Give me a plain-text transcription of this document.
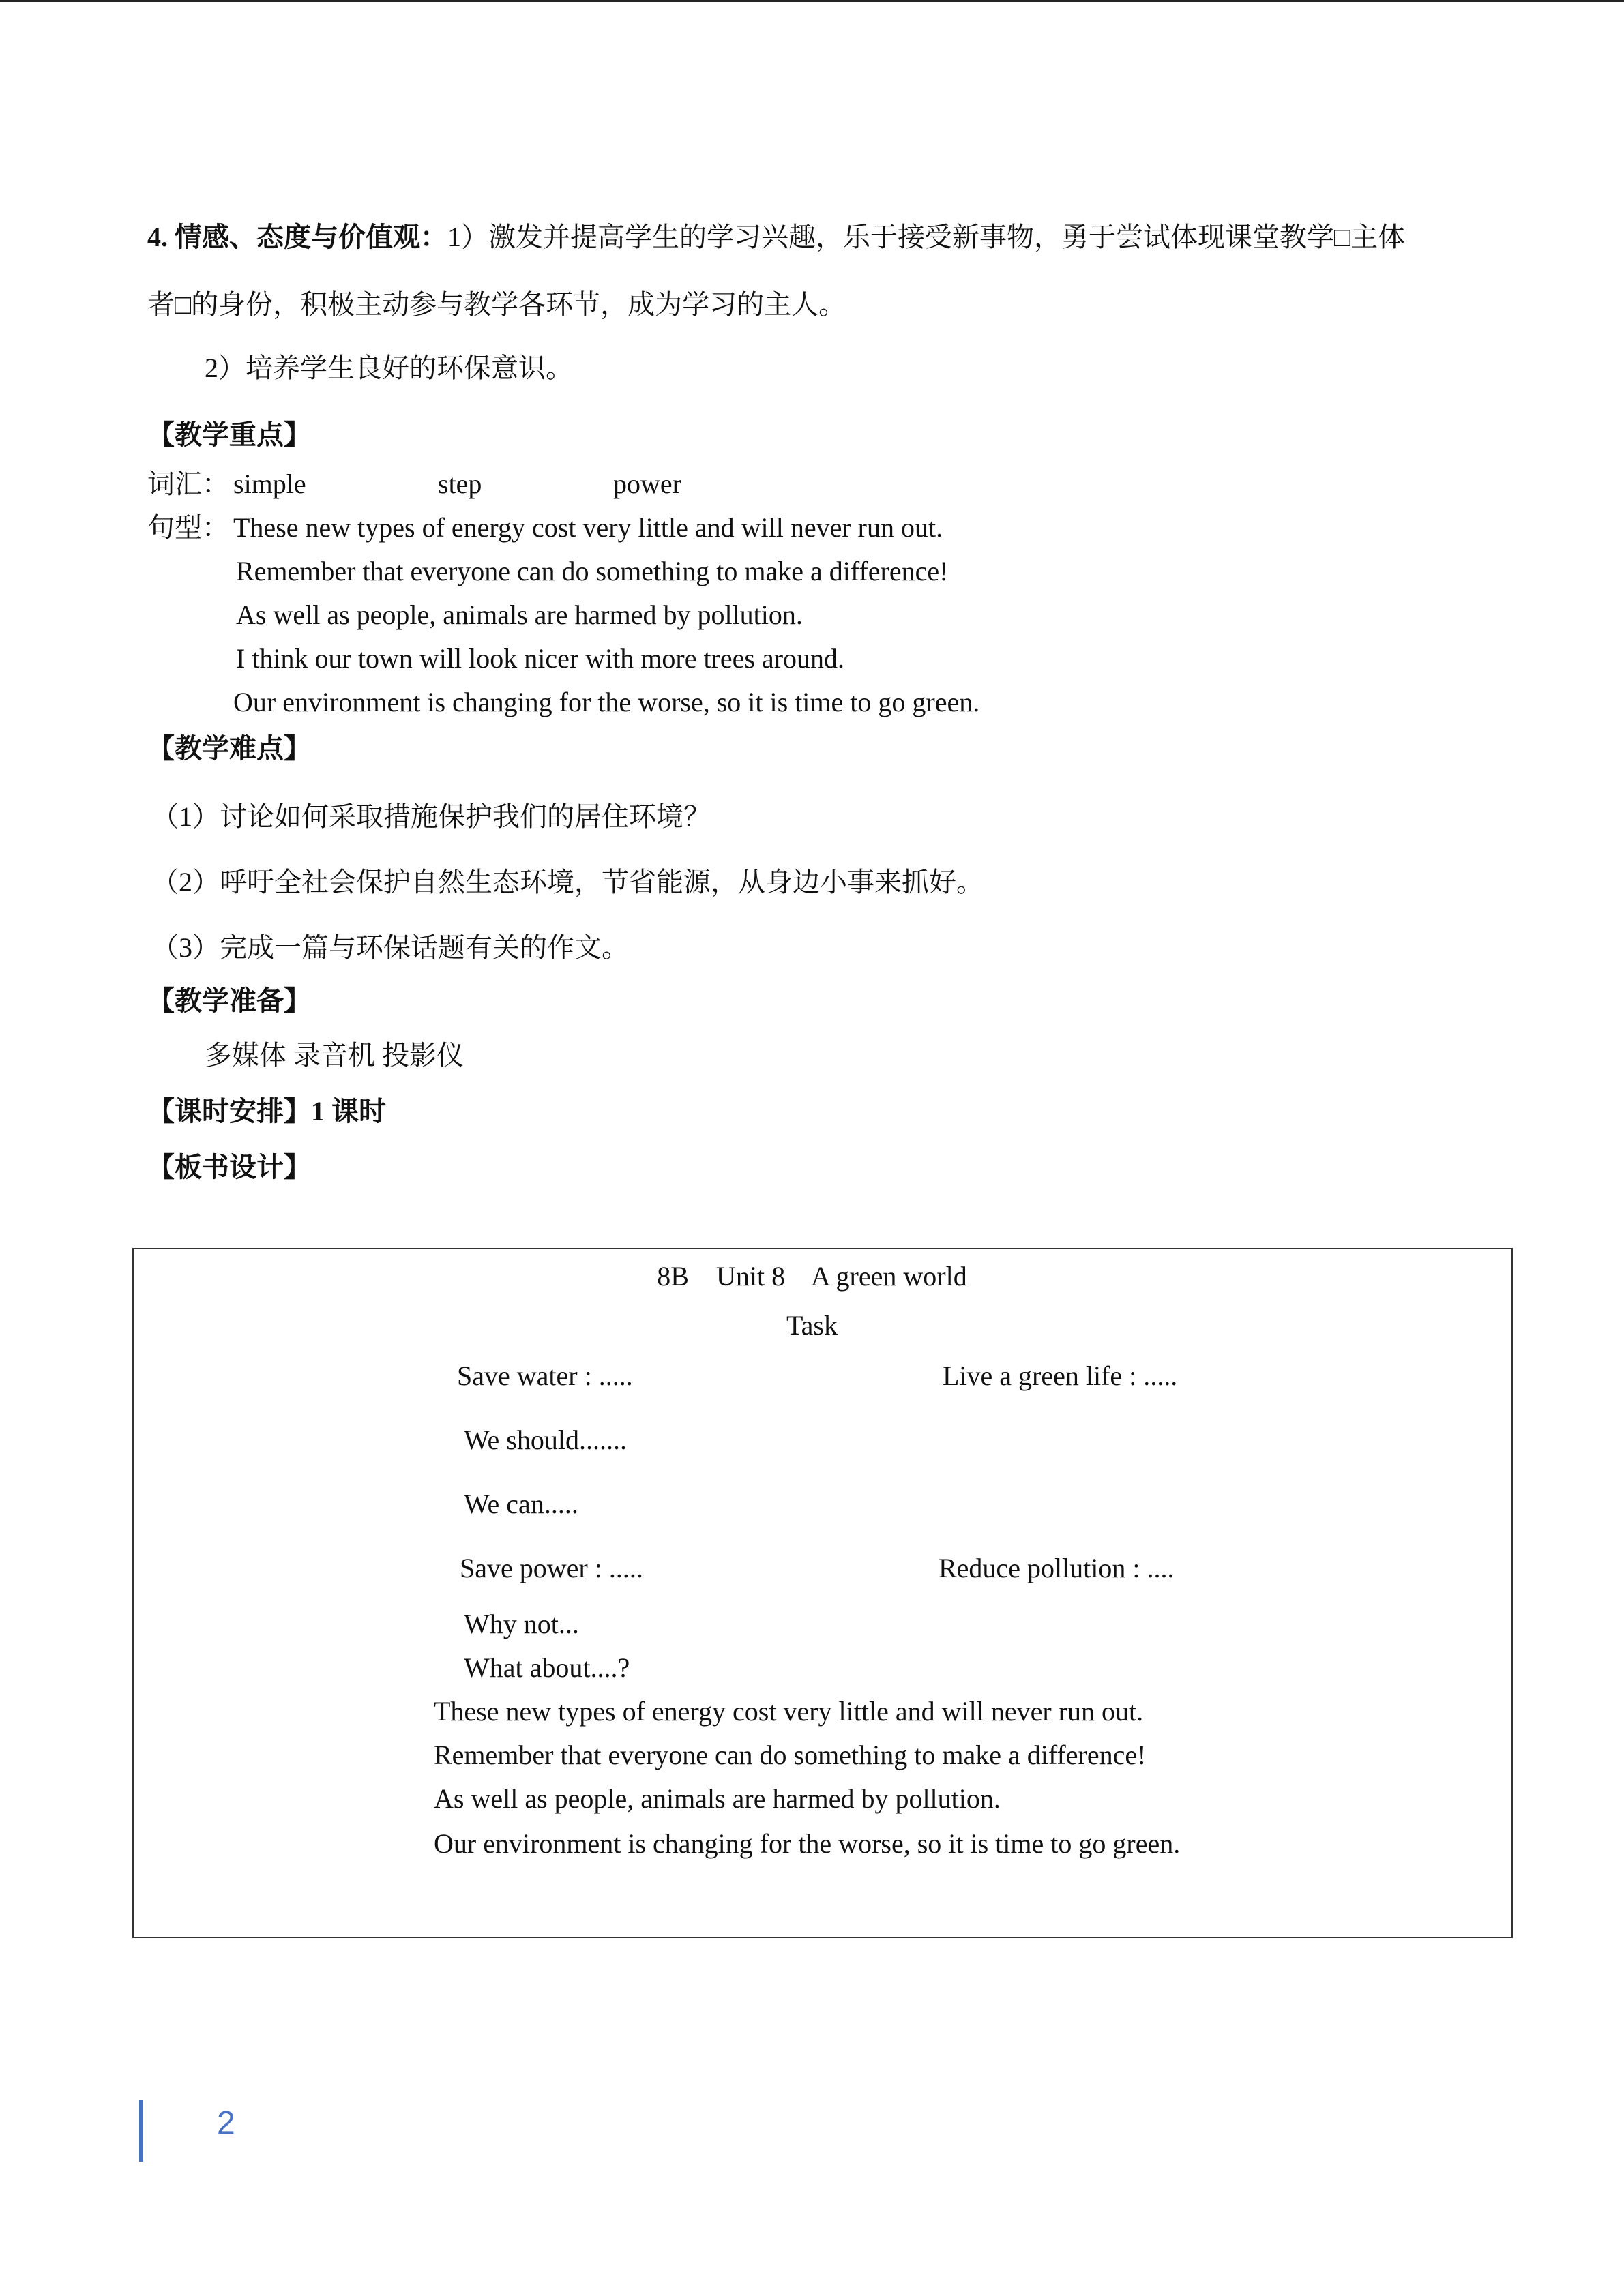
4. 情感、态度与价值观：1）激发并提高学生的学习兴趣，乐于接受新事物，勇于尝试体现课堂教学□主体
者□的身份，积极主动参与教学各环节，成为学习的主人。
2）培养学生良好的环保意识。
【教学重点】
词汇： simple	step	power
句型： These new types of energy cost very little and will never run out.
Remember that everyone can do something to make a difference!
As well as people, animals are harmed by pollution.
I think our town will look nicer with more trees around.
Our environment is changing for the worse, so it is time to go green.
【教学难点】
（1）讨论如何采取措施保护我们的居住环境？
（2）呼吁全社会保护自然生态环境，节省能源，从身边小事来抓好。
（3）完成一篇与环保话题有关的作文。
【教学准备】
多媒体 录音机 投影仪
【课时安排】1 课时
【板书设计】
8B    Unit 8    A green world
Task
Save water : .....	Live a green life : .....
We should.......
We can.....
Save power : .....	Reduce pollution : ....
Why not...
What about....?
These new types of energy cost very little and will never run out.
Remember that everyone can do something to make a difference!
As well as people, animals are harmed by pollution.
Our environment is changing for the worse, so it is time to go green.
2
